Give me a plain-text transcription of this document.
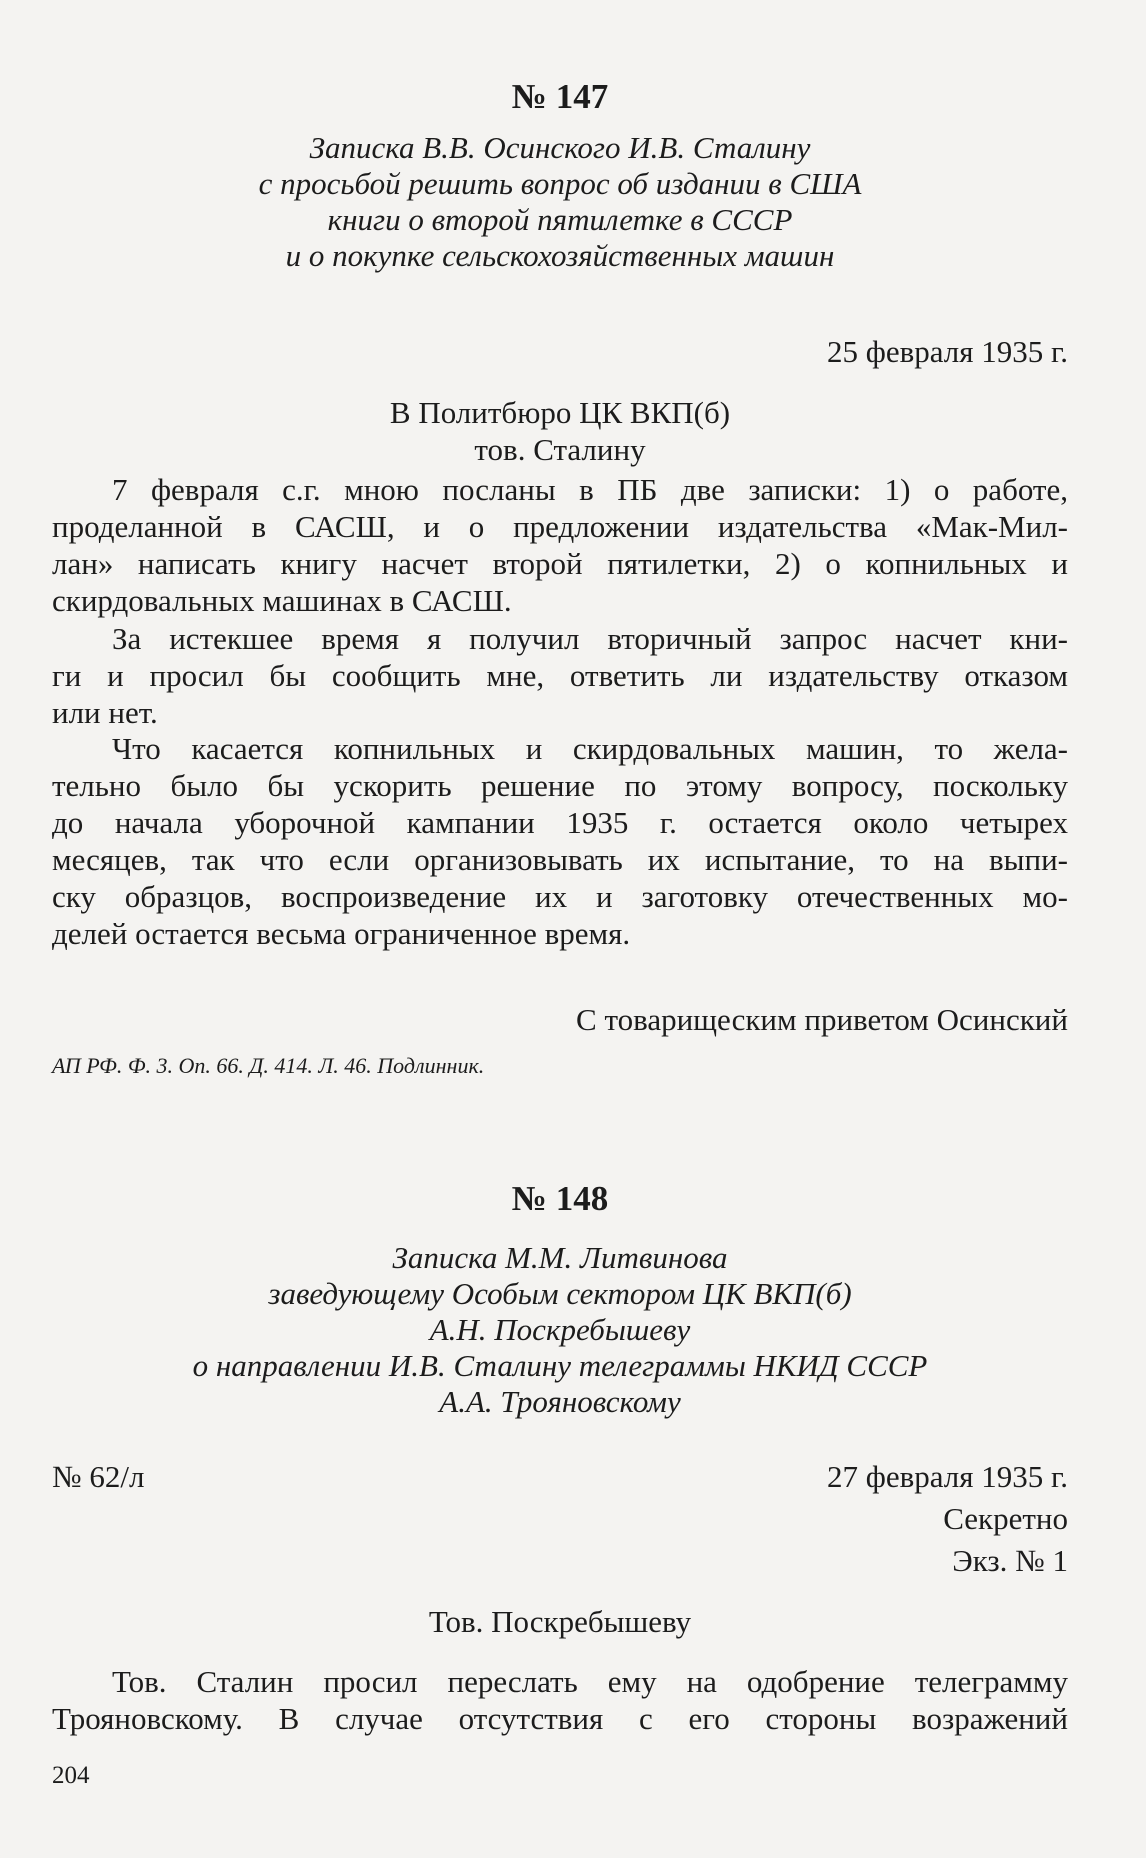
№ 147
Записка В.В. Осинского И.В. Сталину
с просьбой решить вопрос об издании в США
книги о второй пятилетке в СССР
и о покупке сельскохозяйственных машин
25 февраля 1935 г.
В Политбюро ЦК ВКП(б)
тов. Сталину
7 февраля с.г. мною посланы в ПБ две записки: 1) о работе,
проделанной в САСШ, и о предложении издательства «Мак-Мил-
лан» написать книгу насчет второй пятилетки, 2) о копнильных и
скирдовальных машинах в САСШ.
За истекшее время я получил вторичный запрос насчет кни-
ги и просил бы сообщить мне, ответить ли издательству отказом
или нет.
Что касается копнильных и скирдовальных машин, то жела-
тельно было бы ускорить решение по этому вопросу, поскольку
до начала уборочной кампании 1935 г. остается около четырех
месяцев, так что если организовывать их испытание, то на выпи-
ску образцов, воспроизведение их и заготовку отечественных мо-
делей остается весьма ограниченное время.
С товарищеским приветом Осинский
АП РФ. Ф. 3. Оп. 66. Д. 414. Л. 46. Подлинник.
№ 148
Записка М.М. Литвинова
заведующему Особым сектором ЦК ВКП(б)
А.Н. Поскребышеву
о направлении И.В. Сталину телеграммы НКИД СССР
А.А. Трояновскому
№ 62/л	27 февраля 1935 г.
Секретно
Экз. № 1
Тов. Поскребышеву
Тов. Сталин просил переслать ему на одобрение телеграмму
Трояновскому. В случае отсутствия с его стороны возражений
204
